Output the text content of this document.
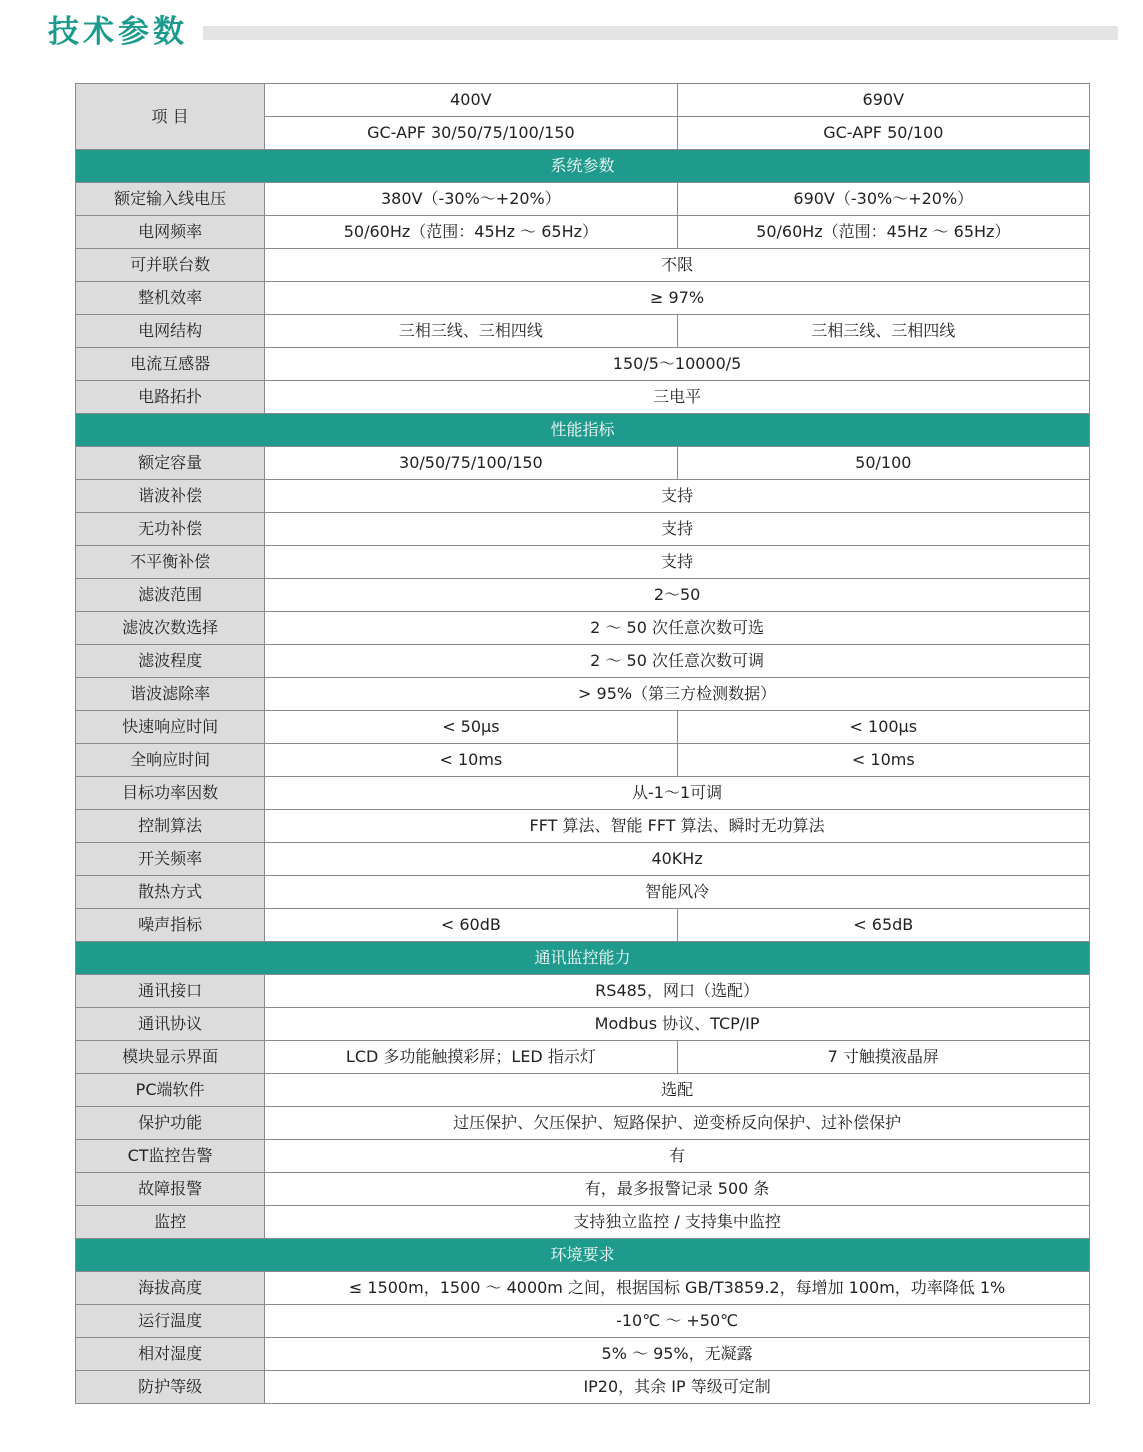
技术参数
项 目	400V	690V
	GC-APF 30/50/75/100/150	GC-APF 50/100
系统参数		
额定输入线电压	380V（-30%～+20%）	690V（-30%～+20%）
电网频率	50/60Hz（范围：45Hz ～ 65Hz）	50/60Hz（范围：45Hz ～ 65Hz）
可并联台数	不限	
整机效率	≥ 97%	
电网结构	三相三线、三相四线	三相三线、三相四线
电流互感器	150/5～10000/5	
电路拓扑	三电平	
性能指标		
额定容量	30/50/75/100/150	50/100
谐波补偿	支持	
无功补偿	支持	
不平衡补偿	支持	
滤波范围	2～50	
滤波次数选择	2 ～ 50 次任意次数可选	
滤波程度	2 ～ 50 次任意次数可调	
谐波滤除率	> 95%（第三方检测数据）	
快速响应时间	< 50μs	< 100μs
全响应时间	< 10ms	< 10ms
目标功率因数	从-1～1可调	
控制算法	FFT 算法、智能 FFT 算法、瞬时无功算法	
开关频率	40KHz	
散热方式	智能风冷	
噪声指标	< 60dB	< 65dB
通讯监控能力		
通讯接口	RS485，网口（选配）	
通讯协议	Modbus 协议、TCP/IP	
模块显示界面	LCD 多功能触摸彩屏；LED 指示灯	7 寸触摸液晶屏
PC端软件	选配	
保护功能	过压保护、欠压保护、短路保护、逆变桥反向保护、过补偿保护	
CT监控告警	有	
故障报警	有，最多报警记录 500 条	
监控	支持独立监控 / 支持集中监控	
环境要求		
海拔高度	≤ 1500m，1500 ～ 4000m 之间，根据国标 GB/T3859.2，每增加 100m，功率降低 1%	
运行温度	-10℃ ～ +50℃	
相对湿度	5% ～ 95%，无凝露	
防护等级	IP20，其余 IP 等级可定制	
